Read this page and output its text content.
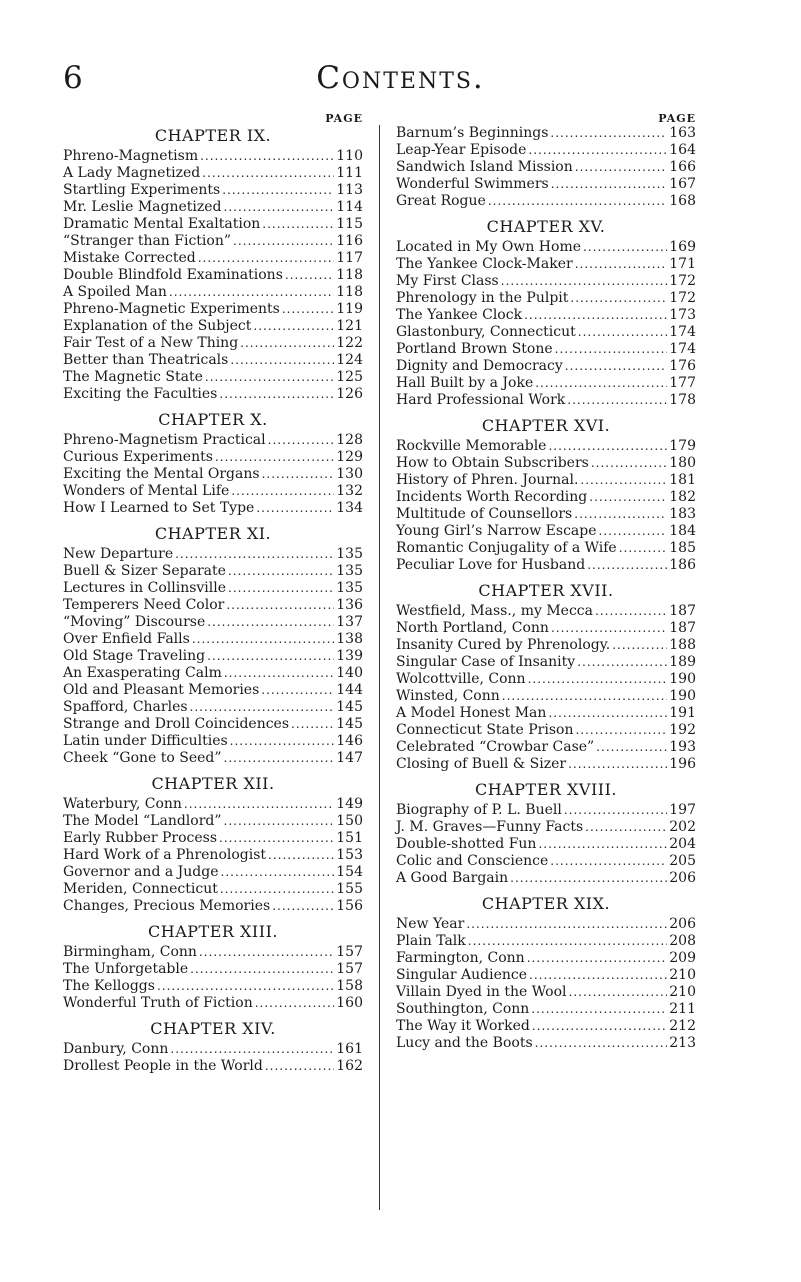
6	Contents.
PAGE
CHAPTER IX.
Phreno-Magnetism .....	110
A Lady Magnetized .....	111
Startling Experiments .....	113
Mr. Leslie Magnetized .....	114
Dramatic Mental Exaltation .....	115
“Stranger than Fiction” .....	116
Mistake Corrected .....	117
Double Blindfold Examinations .....	118
A Spoiled Man .....	118
Phreno-Magnetic Experiments .....	119
Explanation of the Subject .....	121
Fair Test of a New Thing .....	122
Better than Theatricals .....	124
The Magnetic State .....	125
Exciting the Faculties .....	126
CHAPTER X.
Phreno-Magnetism Practical .....	128
Curious Experiments .....	129
Exciting the Mental Organs .....	130
Wonders of Mental Life .....	132
How I Learned to Set Type .....	134
CHAPTER XI.
New Departure .....	135
Buell & Sizer Separate .....	135
Lectures in Collinsville .....	135
Temperers Need Color .....	136
“Moving” Discourse .....	137
Over Enfield Falls .....	138
Old Stage Traveling .....	139
An Exasperating Calm .....	140
Old and Pleasant Memories .....	144
Spafford, Charles .....	145
Strange and Droll Coincidences .....	145
Latin under Difficulties .....	146
Cheek “Gone to Seed” .....	147
CHAPTER XII.
Waterbury, Conn .....	149
The Model “Landlord” .....	150
Early Rubber Process .....	151
Hard Work of a Phrenologist .....	153
Governor and a Judge .....	154
Meriden, Connecticut .....	155
Changes, Precious Memories .....	156
CHAPTER XIII.
Birmingham, Conn .....	157
The Unforgetable .....	157
The Kelloggs .....	158
Wonderful Truth of Fiction .....	160
CHAPTER XIV.
Danbury, Conn .....	161
Drollest People in the World .....	162
PAGE
Barnum’s Beginnings .....	163
Leap-Year Episode .....	164
Sandwich Island Mission .....	166
Wonderful Swimmers .....	167
Great Rogue .....	168
CHAPTER XV.
Located in My Own Home .....	169
The Yankee Clock-Maker .....	171
My First Class .....	172
Phrenology in the Pulpit .....	172
The Yankee Clock .....	173
Glastonbury, Connecticut .....	174
Portland Brown Stone .....	174
Dignity and Democracy .....	176
Hall Built by a Joke .....	177
Hard Professional Work .....	178
CHAPTER XVI.
Rockville Memorable .....	179
How to Obtain Subscribers .....	180
History of Phren. Journal. .....	181
Incidents Worth Recording .....	182
Multitude of Counsellors .....	183
Young Girl’s Narrow Escape .....	184
Romantic Conjugality of a Wife .....	185
Peculiar Love for Husband .....	186
CHAPTER XVII.
Westfield, Mass., my Mecca .....	187
North Portland, Conn .....	187
Insanity Cured by Phrenology. .....	188
Singular Case of Insanity .....	189
Wolcottville, Conn .....	190
Winsted, Conn .....	190
A Model Honest Man .....	191
Connecticut State Prison .....	192
Celebrated “Crowbar Case” .....	193
Closing of Buell & Sizer .....	196
CHAPTER XVIII.
Biography of P. L. Buell .....	197
J. M. Graves—Funny Facts .....	202
Double-shotted Fun .....	204
Colic and Conscience .....	205
A Good Bargain .....	206
CHAPTER XIX.
New Year .....	206
Plain Talk .....	208
Farmington, Conn .....	209
Singular Audience .....	210
Villain Dyed in the Wool .....	210
Southington, Conn .....	211
The Way it Worked .....	212
Lucy and the Boots .....	213
